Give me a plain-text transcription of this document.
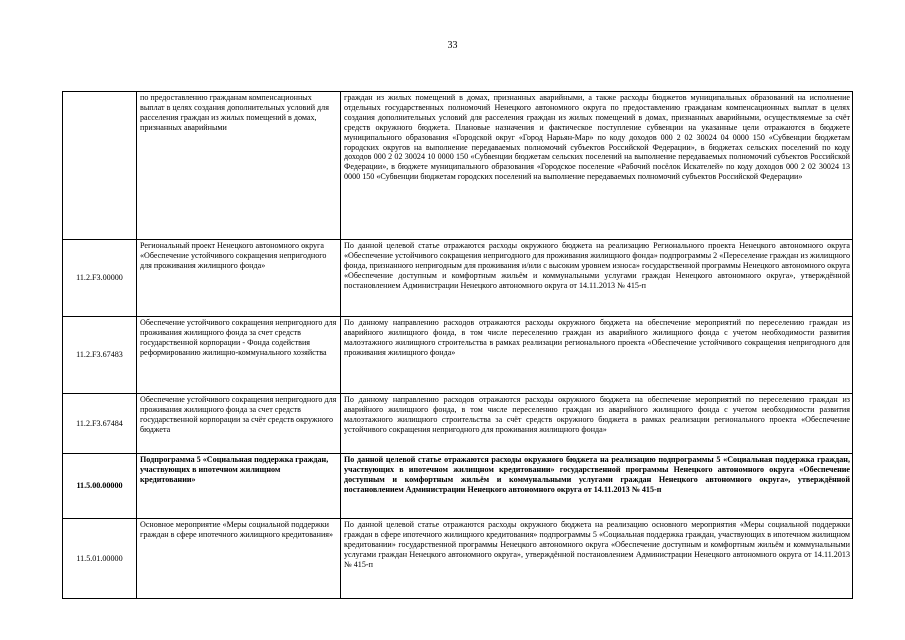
33
	по предоставлению гражданам компенсационных выплат в целях создания дополнительных условий для расселения граждан из жилых помещений в домах, признанных аварийными	граждан из жилых помещений в домах, признанных аварийными, а также расходы бюджетов муниципальных образований на исполнение отдельных государственных полномочий Ненецкого автономного округа по предоставлению гражданам компенсационных выплат в целях создания дополнительных условий для расселения граждан из жилых помещений в домах, признанных аварийными, осуществляемые за счёт средств окружного бюджета. Плановые назначения и фактическое поступление субвенции на указанные цели отражаются в бюджете муниципального образования «Городской округ «Город Нарьян-Мар» по коду доходов 000 2 02 30024 04 0000 150 «Субвенции бюджетам городских округов на выполнение передаваемых полномочий субъектов Российской Федерации», в бюджетах сельских поселений по коду доходов 000 2 02 30024 10 0000 150 «Субвенции бюджетам сельских поселений на выполнение передаваемых полномочий субъектов Российской Федерации», в бюджете муниципального образования «Городское поселение «Рабочий посёлок Искателей» по коду доходов 000 2 02 30024 13 0000 150 «Субвенции бюджетам городских поселений на выполнение передаваемых полномочий субъектов Российской Федерации»
11.2.F3.00000	Региональный проект Ненецкого автономного округа «Обеспечение устойчивого сокращения непригодного для проживания жилищного фонда»	По данной целевой статье отражаются расходы окружного бюджета на реализацию Регионального проекта Ненецкого автономного округа «Обеспечение устойчивого сокращения непригодного для проживания жилищного фонда» подпрограммы 2 «Переселение граждан из жилищного фонда, признанного непригодным для проживания и/или с высоким уровнем износа» государственной программы Ненецкого автономного округа «Обеспечение доступным и комфортным жильём и коммунальными услугами граждан Ненецкого автономного округа», утверждённой постановлением Администрации Ненецкого автономного округа от 14.11.2013 № 415-п
11.2.F3.67483	Обеспечение устойчивого сокращения непригодного для проживания жилищного фонда за счет средств государственной корпорации - Фонда содействия реформированию жилищно-коммунального хозяйства	По данному направлению расходов отражаются расходы окружного бюджета на обеспечение мероприятий по переселению граждан из аварийного жилищного фонда, в том числе переселению граждан из аварийного жилищного фонда с учетом необходимости развития малоэтажного жилищного строительства в рамках реализации регионального проекта «Обеспечение устойчивого сокращения непригодного для проживания жилищного фонда»
11.2.F3.67484	Обеспечение устойчивого сокращения непригодного для проживания жилищного фонда за счет средств государственной корпорации за счёт средств окружного бюджета	По данному направлению расходов отражаются расходы окружного бюджета на обеспечение мероприятий по переселению граждан из аварийного жилищного фонда, в том числе переселению граждан из аварийного жилищного фонда с учетом необходимости развития малоэтажного жилищного строительства за счёт средств окружного бюджета в рамках реализации регионального проекта «Обеспечение устойчивого сокращения непригодного для проживания жилищного фонда»
11.5.00.00000	Подпрограмма 5 «Социальная поддержка граждан, участвующих в ипотечном жилищном кредитовании»	По данной целевой статье отражаются расходы окружного бюджета на реализацию подпрограммы 5 «Социальная поддержка граждан, участвующих в ипотечном жилищном кредитовании» государственной программы Ненецкого автономного округа «Обеспечение доступным и комфортным жильём и коммунальными услугами граждан Ненецкого автономного округа», утверждённой постановлением Администрации Ненецкого автономного округа от 14.11.2013 № 415-п
11.5.01.00000	Основное мероприятие «Меры социальной поддержки граждан в сфере ипотечного жилищного кредитования»	По данной целевой статье отражаются расходы окружного бюджета на реализацию основного мероприятия «Меры социальной поддержки граждан в сфере ипотечного жилищного кредитования» подпрограммы 5 «Социальная поддержка граждан, участвующих в ипотечном жилищном кредитовании» государственной программы Ненецкого автономного округа «Обеспечение доступным и комфортным жильём и коммунальными услугами граждан Ненецкого автономного округа», утверждённой постановлением Администрации Ненецкого автономного округа от 14.11.2013 № 415-п
